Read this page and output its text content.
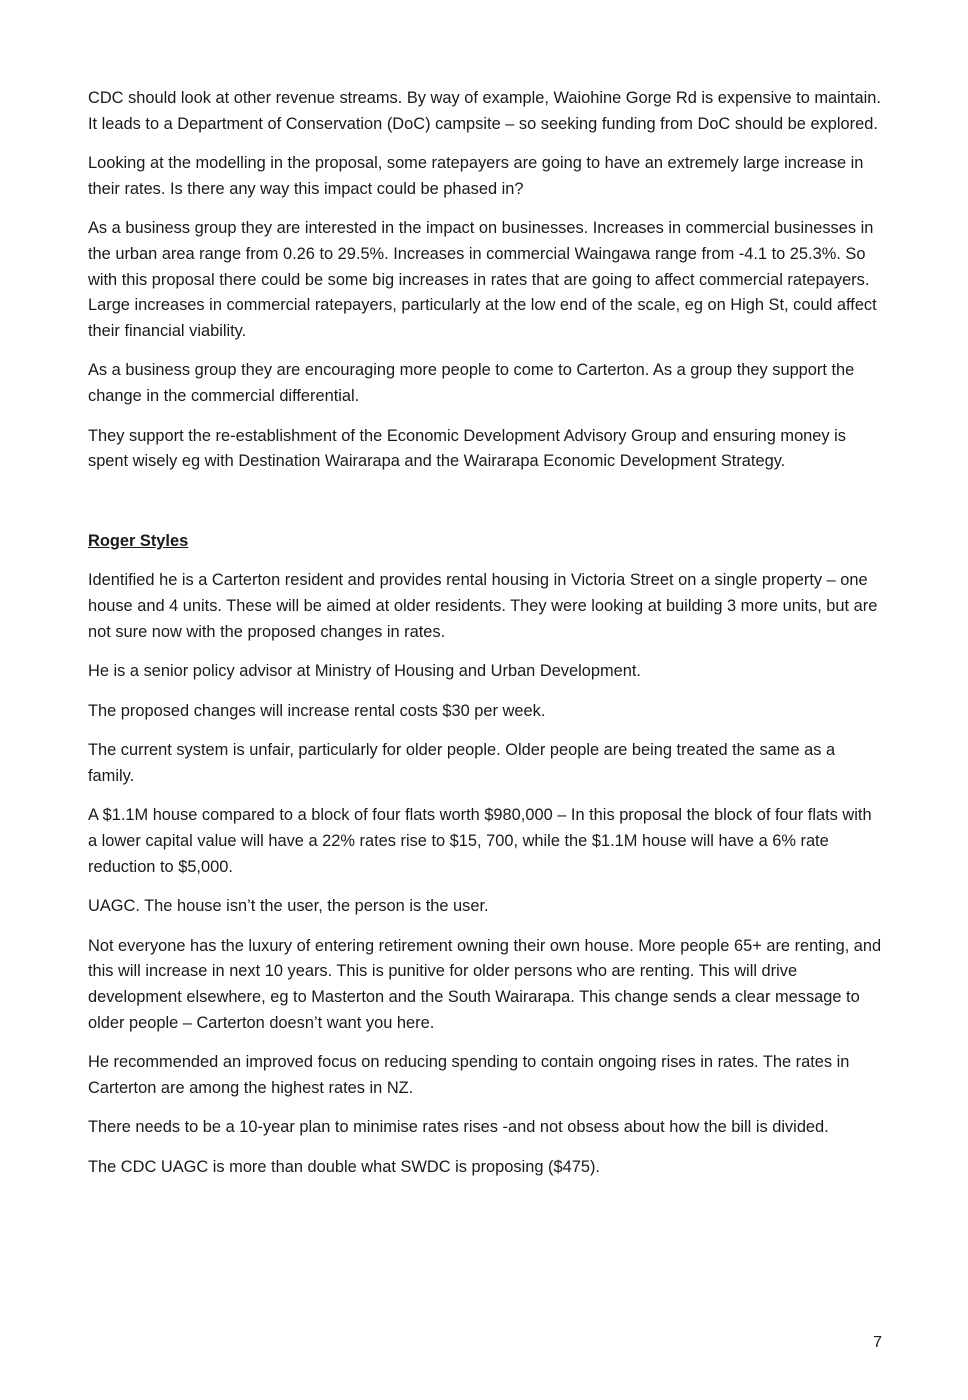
CDC should look at other revenue streams. By way of example, Waiohine Gorge Rd is expensive to maintain. It leads to a Department of Conservation (DoC) campsite – so seeking funding from DoC should be explored.

Looking at the modelling in the proposal, some ratepayers are going to have an extremely large increase in their rates. Is there any way this impact could be phased in?

As a business group they are interested in the impact on businesses. Increases in commercial businesses in the urban area range from 0.26 to 29.5%. Increases in commercial Waingawa range from -4.1 to 25.3%. So with this proposal there could be some big increases in rates that are going to affect commercial ratepayers. Large increases in commercial ratepayers, particularly at the low end of the scale, eg on High St, could affect their financial viability.

As a business group they are encouraging more people to come to Carterton. As a group they support the change in the commercial differential.

They support the re-establishment of the Economic Development Advisory Group and ensuring money is spent wisely eg with Destination Wairarapa and the Wairarapa Economic Development Strategy.

Roger Styles

Identified he is a Carterton resident and provides rental housing in Victoria Street on a single property – one house and 4 units. These will be aimed at older residents. They were looking at building 3 more units, but are not sure now with the proposed changes in rates.

He is a senior policy advisor at Ministry of Housing and Urban Development.

The proposed changes will increase rental costs $30 per week.

The current system is unfair, particularly for older people. Older people are being treated the same as a family.

A $1.1M house compared to a block of four flats worth $980,000 – In this proposal the block of four flats with a lower capital value will have a 22% rates rise to $15, 700, while the $1.1M house will have a 6% rate reduction to $5,000.

UAGC. The house isn’t the user, the person is the user.

Not everyone has the luxury of entering retirement owning their own house. More people 65+ are renting, and this will increase in next 10 years. This is punitive for older persons who are renting. This will drive development elsewhere, eg to Masterton and the South Wairarapa. This change sends a clear message to older people – Carterton doesn’t want you here.

He recommended an improved focus on reducing spending to contain ongoing rises in rates. The rates in Carterton are among the highest rates in NZ.

There needs to be a 10-year plan to minimise rates rises -and not obsess about how the bill is divided.

The CDC UAGC is more than double what SWDC is proposing ($475).

7
